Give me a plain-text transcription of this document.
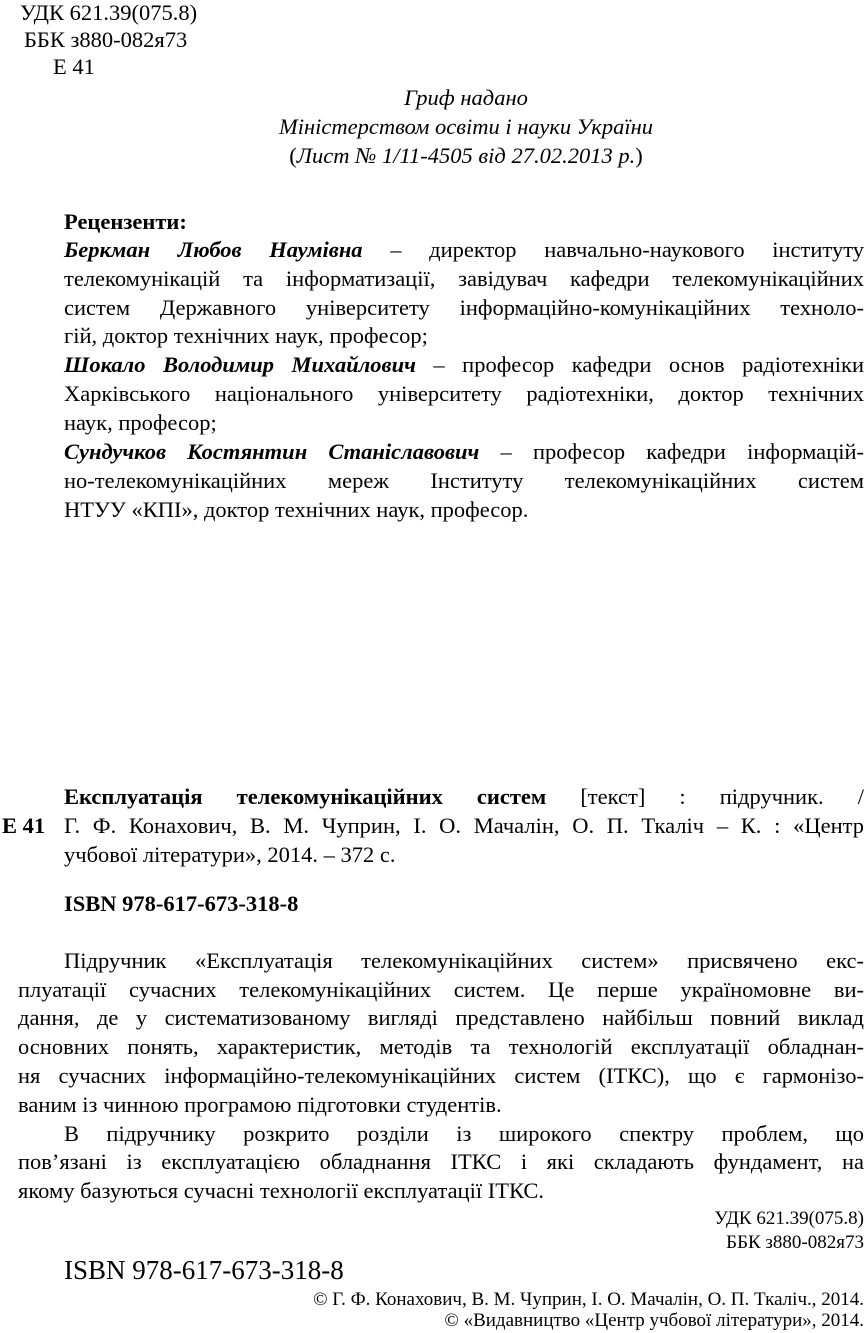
УДК 621.39(075.8)
ББК з880-082я73
Е 41
Гриф надано
Міністерством освіти і науки України
(Лист № 1/11-4505 від 27.02.2013 р.)
Рецензенти:
Беркман Любов Наумівна – директор навчально-наукового інституту
телекомунікацій та інформатизації, завідувач кафедри телекомунікаційних
систем Державного університету інформаційно-комунікаційних техноло-
гій, доктор технічних наук, професор;
Шокало Володимир Михайлович – професор кафедри основ радіотехніки
Харківського національного університету радіотехніки, доктор технічних
наук, професор;
Сундучков Костянтин Станіславович – професор кафедри інформацій-
но-телекомунікаційних мереж Інституту телекомунікаційних систем
НТУУ «КПІ», доктор технічних наук, професор.
Експлуатація телекомунікаційних систем [текст] : підручник. /
Е 41 Г. Ф. Конахович, В. М. Чуприн, І. О. Мачалін, О. П. Ткаліч – К. : «Центр
учбової літератури», 2014. – 372 с.
ISBN 978-617-673-318-8
Підручник «Експлуатація телекомунікаційних систем» присвячено екс-
плуатації сучасних телекомунікаційних систем. Це перше україномовне ви-
дання, де у систематизованому вигляді представлено найбільш повний виклад
основних понять, характеристик, методів та технологій експлуатації обладнан-
ня сучасних інформаційно-телекомунікаційних систем (ІТКС), що є гармонізо-
ваним із чинною програмою підготовки студентів.
В підручнику розкрито розділи із широкого спектру проблем, що
пов’язані із експлуатацією обладнання ІТКС і які складають фундамент, на
якому базуються сучасні технології експлуатації ІТКС.
УДК 621.39(075.8)
ББК з880-082я73
ISBN 978-617-673-318-8
© Г. Ф. Конахович, В. М. Чуприн, І. О. Мачалін, О. П. Ткаліч., 2014.
© «Видавництво «Центр учбової літератури», 2014.
